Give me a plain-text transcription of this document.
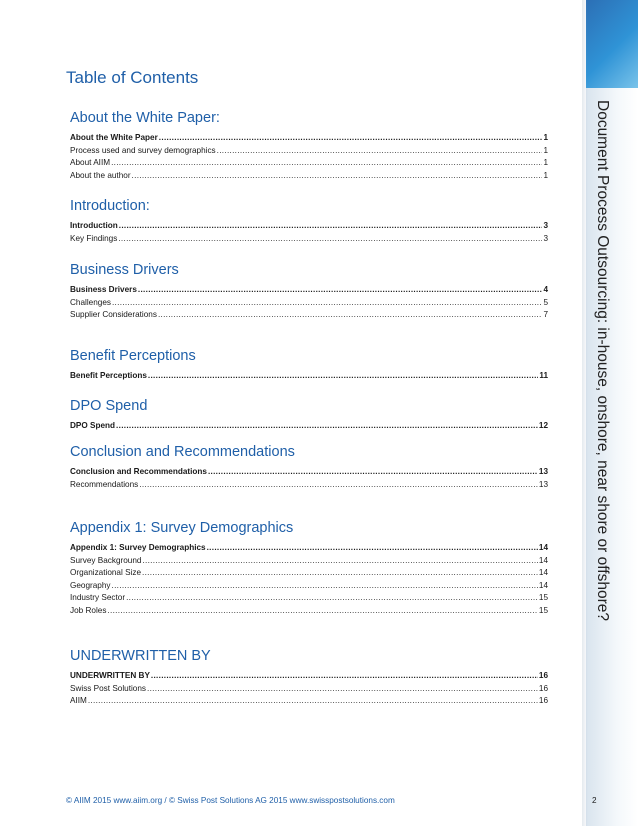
Document Process Outsourcing: in-house, onshore, near shore or offshore?
Table of Contents
About the White Paper:
About the White Paper .....	1
Process used and survey demographics .....	1
About AIIM .....	1
About the author .....	1
Introduction:
Introduction .....	3
Key Findings .....	3
Business Drivers
Business Drivers .....	4
Challenges .....	5
Supplier Considerations .....	7
Benefit Perceptions
Benefit Perceptions .....	11
DPO Spend
DPO Spend .....	12
Conclusion and Recommendations
Conclusion and Recommendations .....	13
Recommendations .....	13
Appendix 1: Survey Demographics
Appendix 1: Survey Demographics .....	14
Survey Background .....	14
Organizational Size .....	14
Geography .....	14
Industry Sector .....	15
Job Roles .....	15
UNDERWRITTEN BY
UNDERWRITTEN BY .....	16
Swiss Post Solutions .....	16
AIIM .....	16
© AIIM 2015 www.aiim.org / © Swiss Post Solutions AG 2015 www.swisspostsolutions.com	2
